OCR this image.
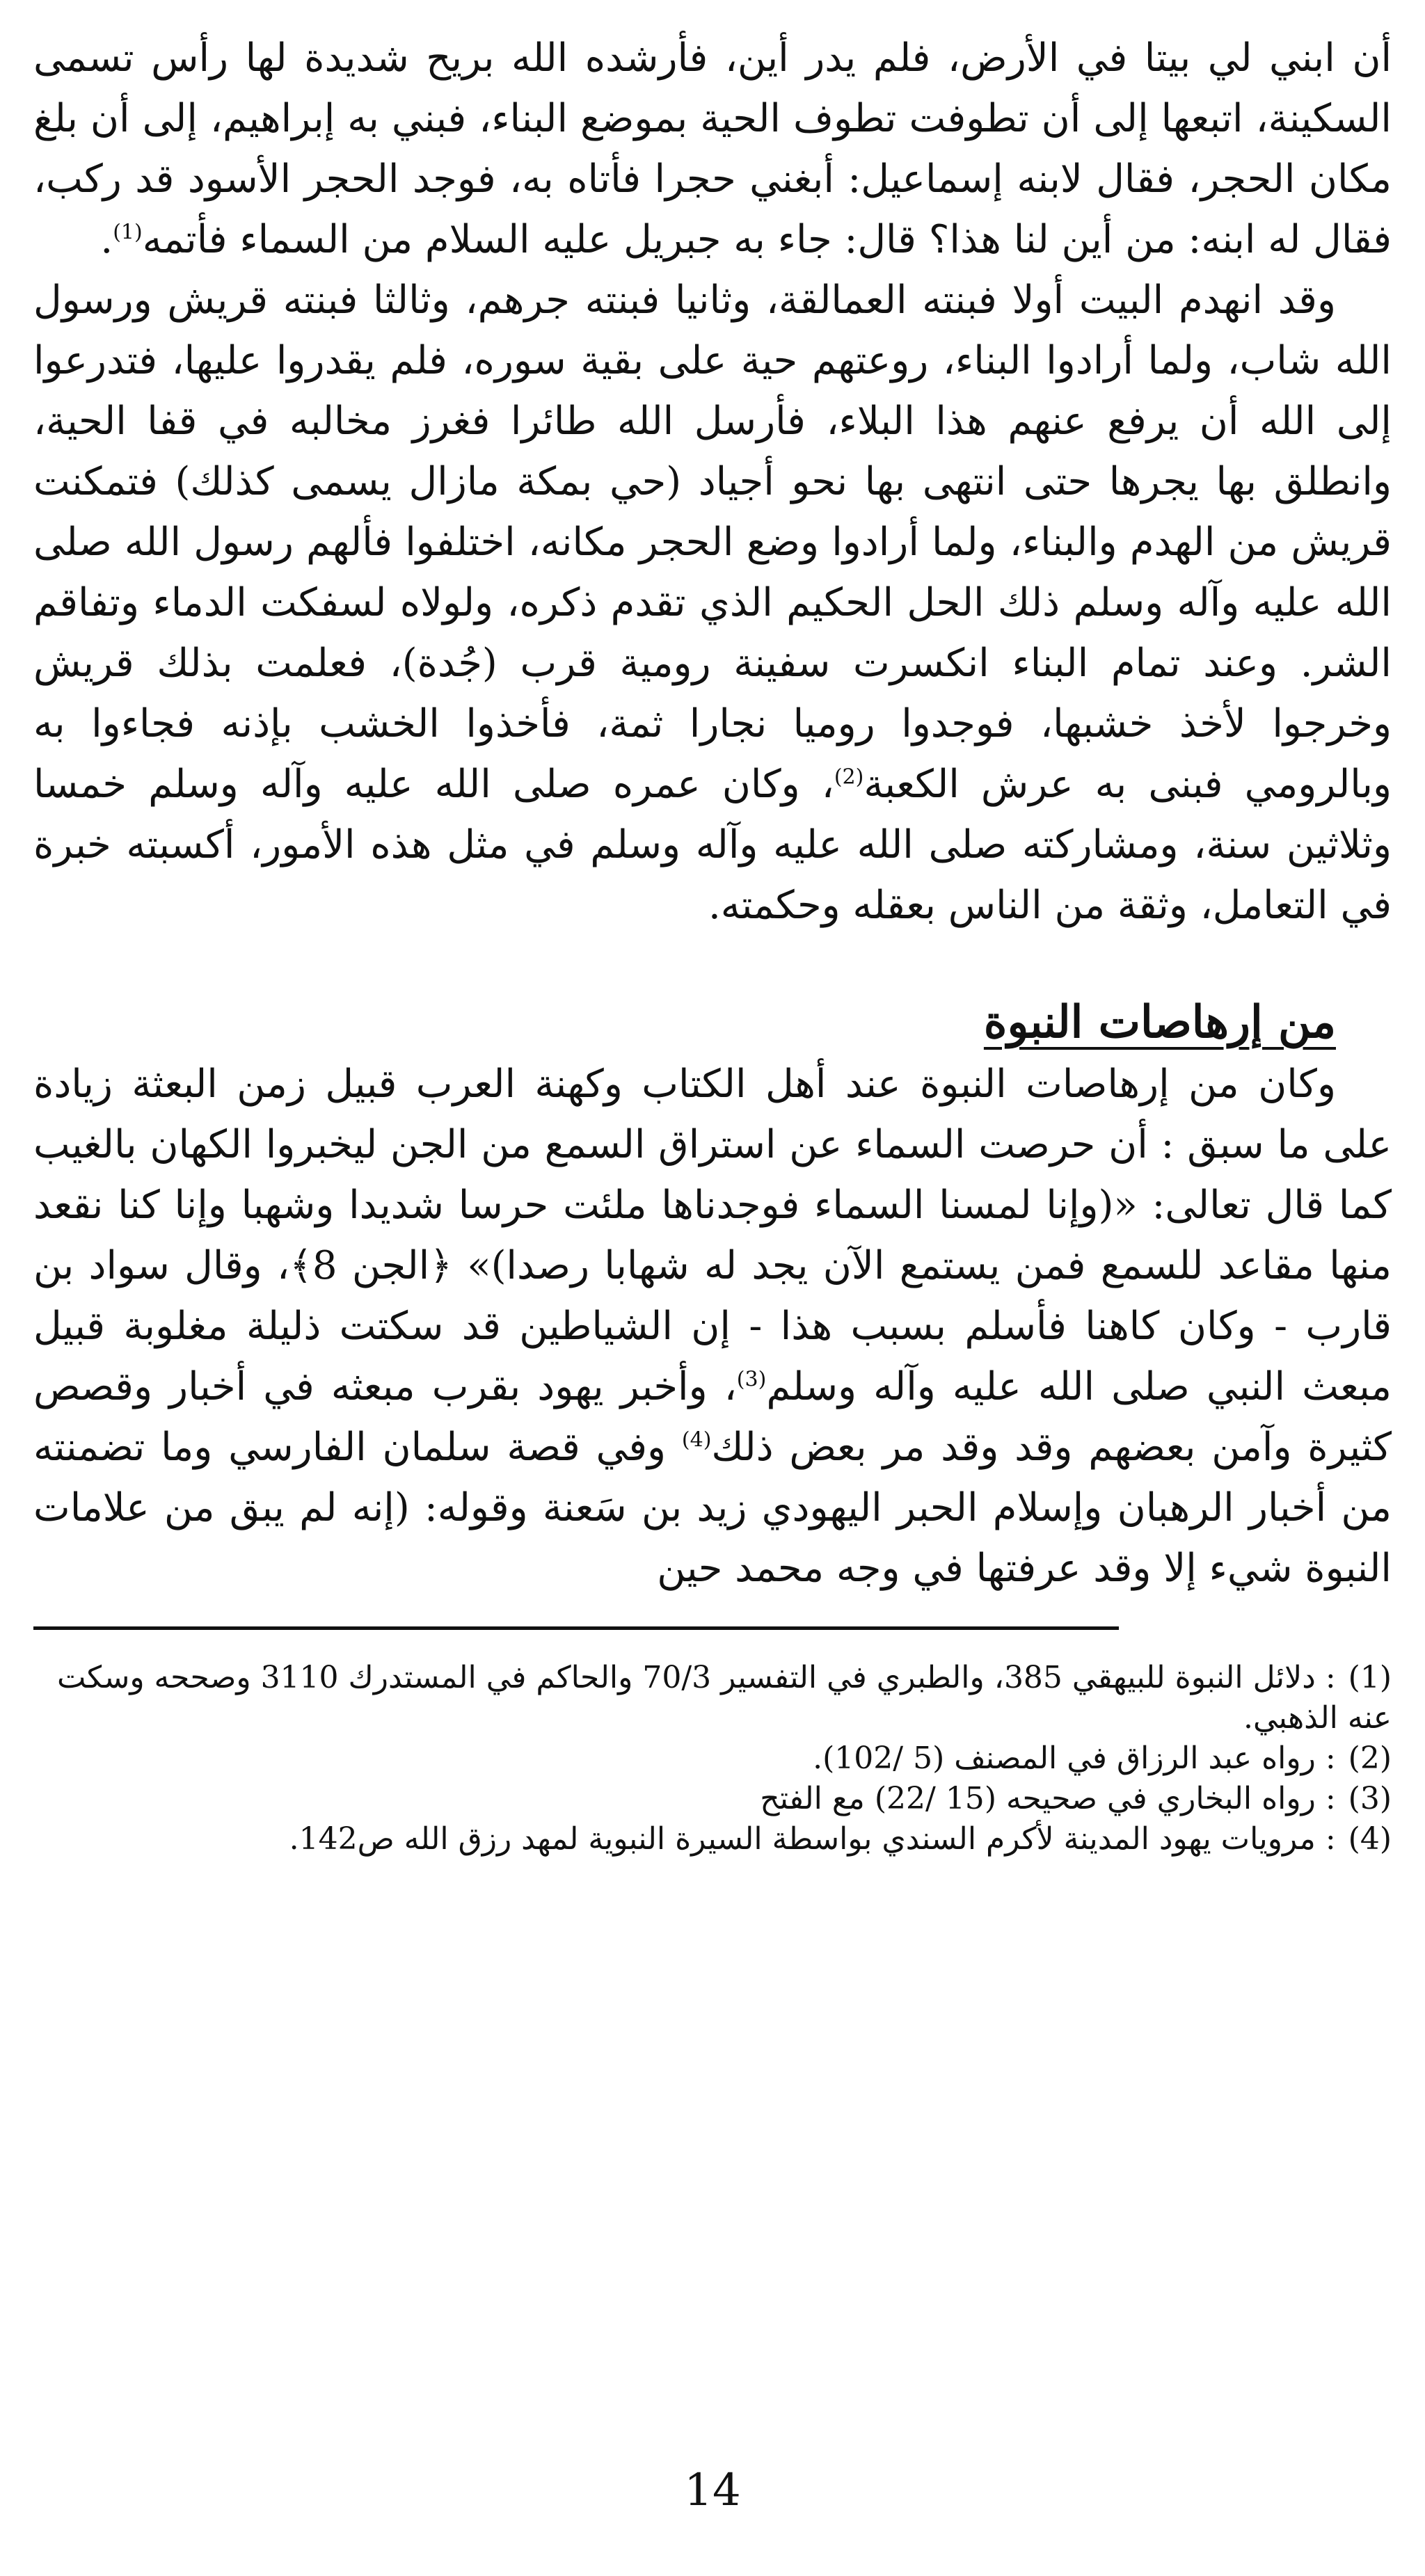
أن ابني لي بيتا في الأرض، فلم يدر أين، فأرشده الله بريح شديدة لها رأس تسمى السكينة، اتبعها إلى أن تطوفت تطوف الحية بموضع البناء، فبني به إبراهيم، إلى أن بلغ مكان الحجر، فقال لابنه إسماعيل: أبغني حجرا فأتاه به، فوجد الحجر الأسود قد ركب، فقال له ابنه: من أين لنا هذا؟ قال: جاء به جبريل عليه السلام من السماء فأتمه$^{(1)}$.

وقد انهدم البيت أولا فبنته العمالقة، وثانيا فبنته جرهم، وثالثا فبنته قريش ورسول الله شاب، ولما أرادوا البناء، روعتهم حية على بقية سوره، فلم يقدروا عليها، فتدرعوا إلى الله أن يرفع عنهم هذا البلاء، فأرسل الله طائرا فغرز مخالبه في قفا الحية، وانطلق بها يجرها حتى انتهى بها نحو أجياد (حي بمكة مازال يسمى كذلك) فتمكنت قريش من الهدم والبناء، ولما أرادوا وضع الحجر مكانه، اختلفوا فألهم رسول الله صلى الله عليه وآله وسلم ذلك الحل الحكيم الذي تقدم ذكره، ولولاه لسفكت الدماء وتفاقم الشر. وعند تمام البناء انكسرت سفينة رومية قرب (جُدة)، فعلمت بذلك قريش وخرجوا لأخذ خشبها، فوجدوا روميا نجارا ثمة، فأخذوا الخشب بإذنه فجاءوا به وبالرومي فبنى به عرش الكعبة$^{(2)}$، وكان عمره صلى الله عليه وآله وسلم خمسا وثلاثين سنة، ومشاركته صلى الله عليه وآله وسلم في مثل هذه الأمور، أكسبته خبرة في التعامل، وثقة من الناس بعقله وحكمته.

من إرهاصات النبوة

وكان من إرهاصات النبوة عند أهل الكتاب وكهنة العرب قبيل زمن البعثة زيادة على ما سبق : أن حرصت السماء عن استراق السمع من الجن ليخبروا الكهان بالغيب كما قال تعالى: «(وإنا لمسنا السماء فوجدناها ملئت حرسا شديدا وشهبا وإنا كنا نقعد منها مقاعد للسمع فمن يستمع الآن يجد له شهابا رصدا)» ﴿الجن 8﴾، وقال سواد بن قارب - وكان كاهنا فأسلم بسبب هذا - إن الشياطين قد سكتت ذليلة مغلوبة قبيل مبعث النبي صلى الله عليه وآله وسلم$^{(3)}$، وأخبر يهود بقرب مبعثه في أخبار وقصص كثيرة وآمن بعضهم وقد وقد مر بعض ذلك$^{(4)}$ وفي قصة سلمان الفارسي وما تضمنته من أخبار الرهبان وإسلام الحبر اليهودي زيد بن سَعنة وقوله: (إنه لم يبق من علامات النبوة شيء إلا وقد عرفتها في وجه محمد حين

(1): دلائل النبوة للبيهقي 385، والطبري في التفسير 70/3 والحاكم في المستدرك 3110 وصححه وسكت عنه الذهبي.

(2): رواه عبد الرزاق في المصنف (5 /102).

(3): رواه البخاري في صحيحه (15 /22) مع الفتح

(4): مرويات يهود المدينة لأكرم السندي بواسطة السيرة النبوية لمهد رزق الله ص142.

14
